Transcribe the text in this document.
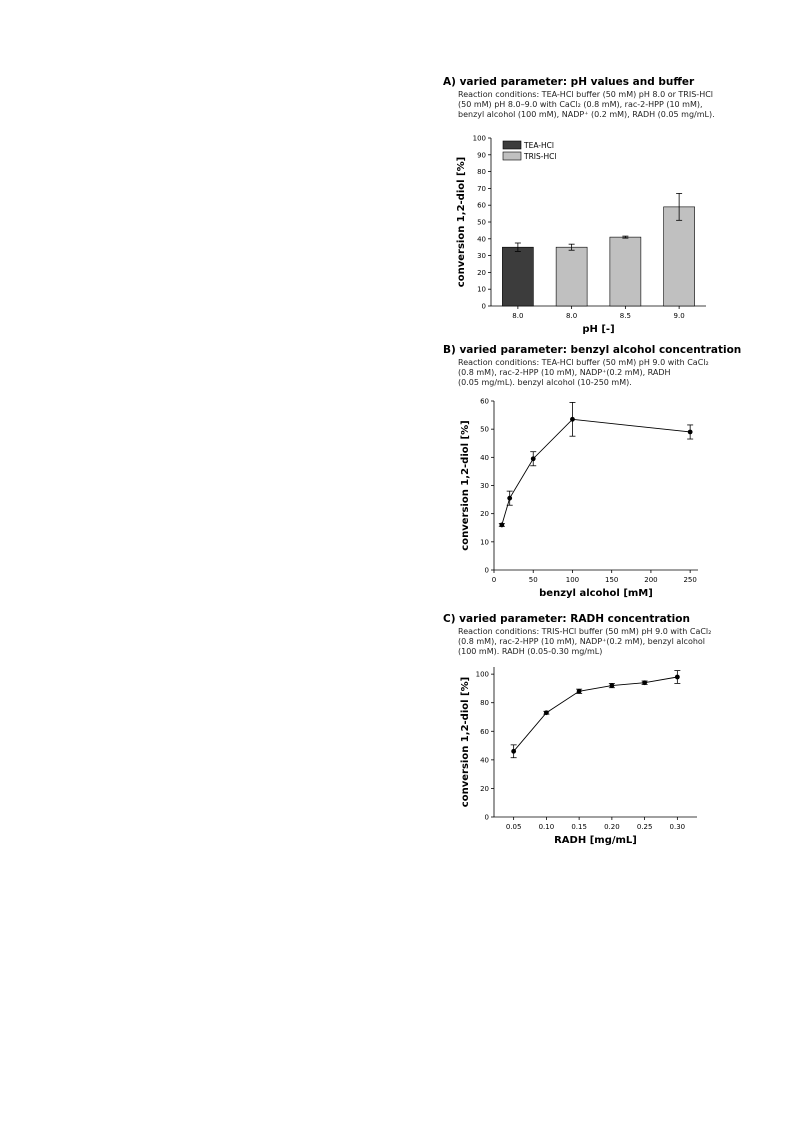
A) varied parameter: pH values and buffer
Reaction conditions: TEA-HCl buffer (50 mM) pH 8.0 or TRIS-HCl
(50 mM) pH 8.0–9.0 with CaCl₂ (0.8 mM), rac-2-HPP (10 mM),
benzyl alcohol (100 mM), NADP⁺ (0.2 mM), RADH (0.05 mg/mL).
0
10
20
30
40
50
60
70
80
90
100
8.0	8.0	8.5	9.0
pH [-]
conversion 1,2-diol [%]
TEA-HCl
TRIS-HCl
B) varied parameter: benzyl alcohol concentration
Reaction conditions: TEA-HCl buffer (50 mM) pH 9.0 with CaCl₂
(0.8 mM), rac-2-HPP (10 mM), NADP⁺(0.2 mM), RADH
(0.05 mg/mL). benzyl alcohol (10-250 mM).
0
10
20
30
40
50
60
0	50	100	150	200	250
benzyl alcohol [mM]
conversion 1,2-diol [%]
C) varied parameter: RADH concentration
Reaction conditions: TRIS-HCl buffer (50 mM) pH 9.0 with CaCl₂
(0.8 mM), rac-2-HPP (10 mM), NADP⁺(0.2 mM), benzyl alcohol
(100 mM). RADH (0.05-0.30 mg/mL)
0
20
40
60
80
100
0.05 0.10 0.15 0.20 0.25 0.30
RADH [mg/mL]
conversion 1,2-diol [%]
